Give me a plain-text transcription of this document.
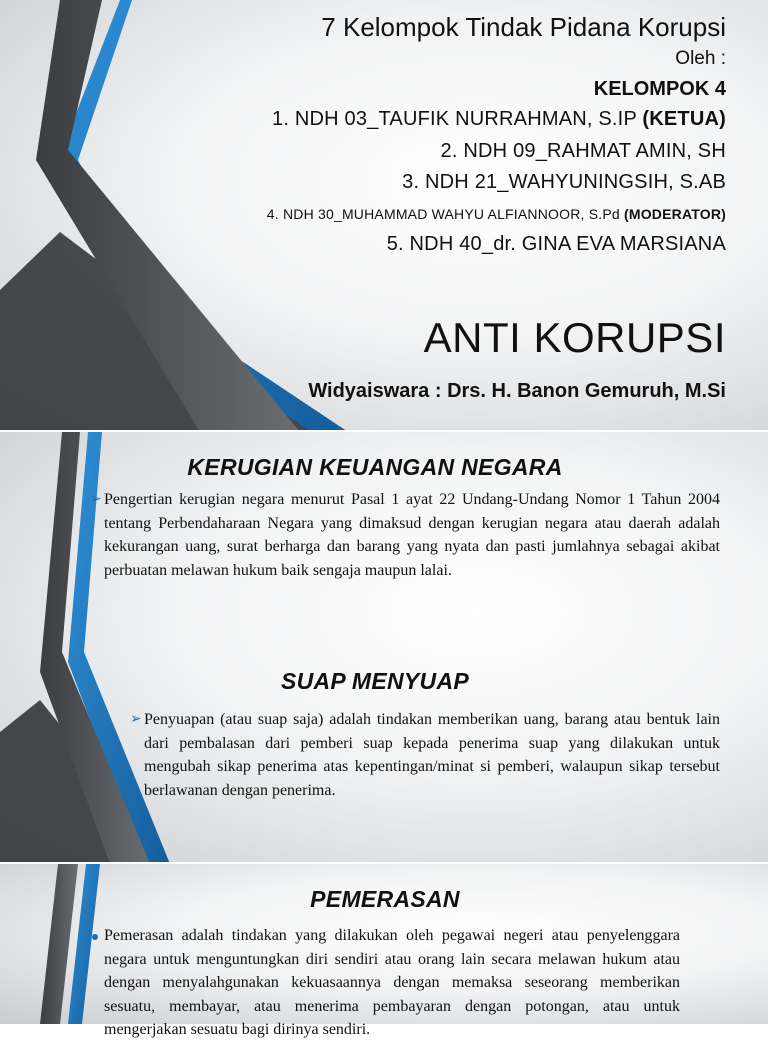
7 Kelompok Tindak Pidana Korupsi
Oleh :
KELOMPOK 4
1. NDH 03_TAUFIK NURRAHMAN, S.IP (KETUA)
2. NDH 09_RAHMAT AMIN, SH
3. NDH 21_WAHYUNINGSIH, S.AB
4. NDH 30_MUHAMMAD WAHYU ALFIANNOOR, S.Pd (MODERATOR)
5. NDH 40_dr. GINA EVA MARSIANA
ANTI KORUPSI
Widyaiswara : Drs. H. Banon Gemuruh, M.Si
KERUGIAN KEUANGAN NEGARA
➢ Pengertian kerugian negara menurut Pasal 1 ayat 22 Undang-Undang Nomor 1 Tahun 2004 tentang Perbendaharaan Negara yang dimaksud dengan kerugian negara atau daerah adalah kekurangan uang, surat berharga dan barang yang nyata dan pasti jumlahnya sebagai akibat perbuatan melawan hukum baik sengaja maupun lalai.
SUAP MENYUAP
➢ Penyuapan (atau suap saja) adalah tindakan memberikan uang, barang atau bentuk lain dari pembalasan dari pemberi suap kepada penerima suap yang dilakukan untuk mengubah sikap penerima atas kepentingan/minat si pemberi, walaupun sikap tersebut berlawanan dengan penerima.
PEMERASAN
Pemerasan adalah tindakan yang dilakukan oleh pegawai negeri atau penyelenggara negara untuk menguntungkan diri sendiri atau orang lain secara melawan hukum atau dengan menyalahgunakan kekuasaannya dengan memaksa seseorang memberikan sesuatu, membayar, atau menerima pembayaran dengan potongan, atau untuk mengerjakan sesuatu bagi dirinya sendiri.
